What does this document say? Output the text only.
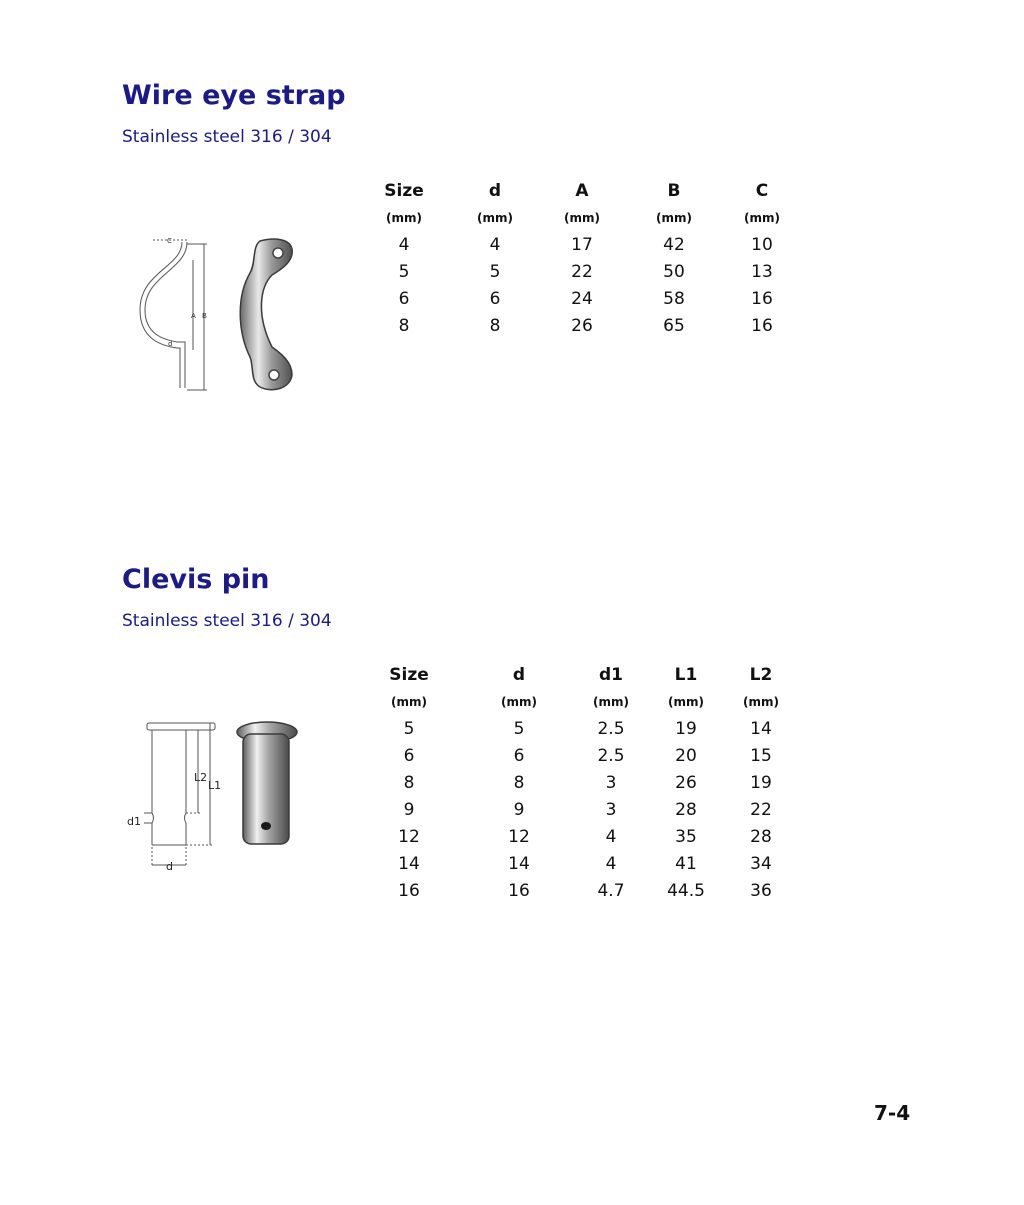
Wire eye strap

Stainless steel 316 / 304

C
A B
d
Size	d	A	B	C
(mm)	(mm)	(mm)	(mm)	(mm)
4	4	17	42	10
5	5	22	50	13
6	6	24	58	16
8	8	26	65	16
Clevis pin

Stainless steel 316 / 304

L2
L1
d1
d
Size	d	d1	L1	L2
(mm)	(mm)	(mm)	(mm)	(mm)
5	5	2.5	19	14
6	6	2.5	20	15
8	8	3	26	19
9	9	3	28	22
12	12	4	35	28
14	14	4	41	34
16	16	4.7	44.5	36
7-4
